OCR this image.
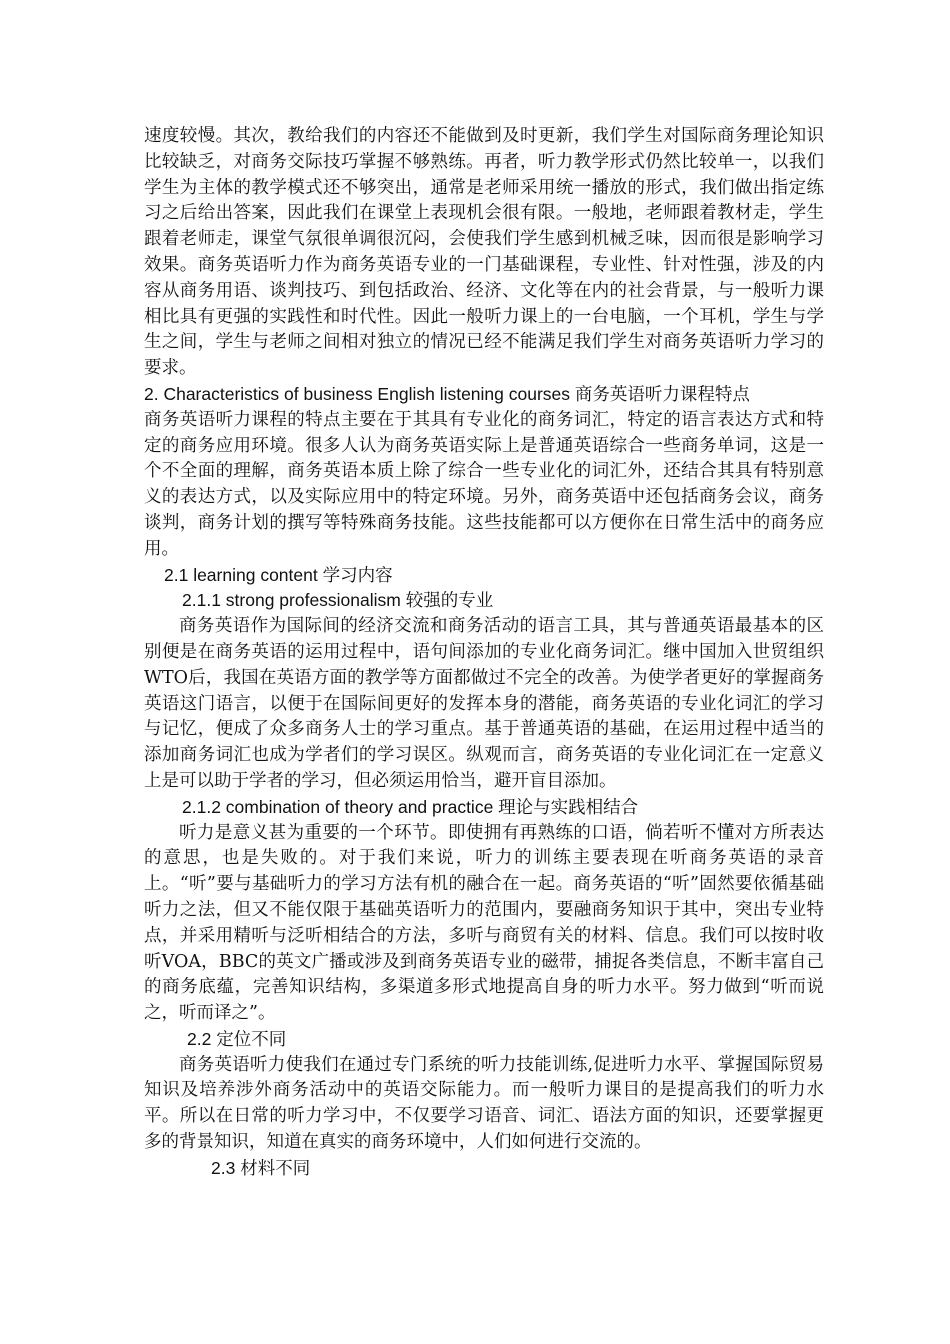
速度较慢。其次，教给我们的内容还不能做到及时更新，我们学生对国际商务理论知识比较缺乏，对商务交际技巧掌握不够熟练。再者，听力教学形式仍然比较单一，以我们学生为主体的教学模式还不够突出，通常是老师采用统一播放的形式，我们做出指定练习之后给出答案，因此我们在课堂上表现机会很有限。一般地，老师跟着教材走，学生跟着老师走，课堂气氛很单调很沉闷，会使我们学生感到机械乏味，因而很是影响学习效果。商务英语听力作为商务英语专业的一门基础课程，专业性、针对性强，涉及的内容从商务用语、谈判技巧、到包括政治、经济、文化等在内的社会背景，与一般听力课相比具有更强的实践性和时代性。因此一般听力课上的一台电脑，一个耳机，学生与学生之间，学生与老师之间相对独立的情况已经不能满足我们学生对商务英语听力学习的要求。

2. Characteristics of business English listening courses 商务英语听力课程特点

商务英语听力课程的特点主要在于其具有专业化的商务词汇，特定的语言表达方式和特定的商务应用环境。很多人认为商务英语实际上是普通英语综合一些商务单词，这是一个不全面的理解，商务英语本质上除了综合一些专业化的词汇外，还结合其具有特别意义的表达方式，以及实际应用中的特定环境。另外，商务英语中还包括商务会议，商务谈判，商务计划的撰写等特殊商务技能。这些技能都可以方便你在日常生活中的商务应用。

2.1 learning content 学习内容

2.1.1 strong professionalism 较强的专业

商务英语作为国际间的经济交流和商务活动的语言工具，其与普通英语最基本的区别便是在商务英语的运用过程中，语句间添加的专业化商务词汇。继中国加入世贸组织WTO后，我国在英语方面的教学等方面都做过不完全的改善。为使学者更好的掌握商务英语这门语言，以便于在国际间更好的发挥本身的潜能，商务英语的专业化词汇的学习与记忆，便成了众多商务人士的学习重点。基于普通英语的基础，在运用过程中适当的添加商务词汇也成为学者们的学习误区。纵观而言，商务英语的专业化词汇在一定意义上是可以助于学者的学习，但必须运用恰当，避开盲目添加。

2.1.2 combination of theory and practice 理论与实践相结合

听力是意义甚为重要的一个环节。即使拥有再熟练的口语，倘若听不懂对方所表达的意思，也是失败的。对于我们来说，听力的训练主要表现在听商务英语的录音上。“听”要与基础听力的学习方法有机的融合在一起。商务英语的“听”固然要依循基础听力之法，但又不能仅限于基础英语听力的范围内，要融商务知识于其中，突出专业特点，并采用精听与泛听相结合的方法，多听与商贸有关的材料、信息。我们可以按时收听VOA，BBC的英文广播或涉及到商务英语专业的磁带，捕捉各类信息，不断丰富自己的商务底蕴，完善知识结构，多渠道多形式地提高自身的听力水平。努力做到“听而说之，听而译之”。

2.2 定位不同

商务英语听力使我们在通过专门系统的听力技能训练,促进听力水平、掌握国际贸易知识及培养涉外商务活动中的英语交际能力。而一般听力课目的是提高我们的听力水平。所以在日常的听力学习中，不仅要学习语音、词汇、语法方面的知识，还要掌握更多的背景知识，知道在真实的商务环境中，人们如何进行交流的。

2.3 材料不同
